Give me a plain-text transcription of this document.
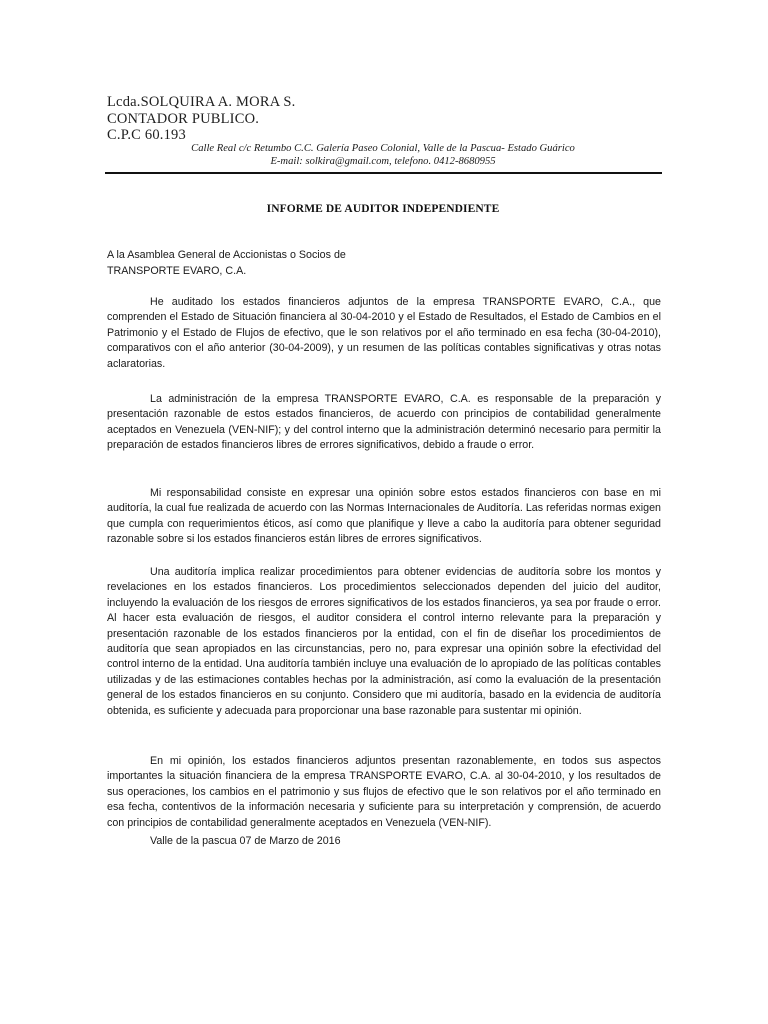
Lcda.SOLQUIRA A. MORA S.
CONTADOR PUBLICO.
C.P.C 60.193
Calle Real c/c Retumbo C.C. Galería Paseo Colonial, Valle de la Pascua- Estado Guárico
E-mail: solkira@gmail.com, telefono. 0412-8680955
INFORME DE AUDITOR INDEPENDIENTE
A la Asamblea General de Accionistas o Socios de
TRANSPORTE EVARO, C.A.
He auditado los estados financieros adjuntos de la empresa TRANSPORTE EVARO, C.A., que comprenden el Estado de Situación financiera al 30-04-2010 y el Estado de Resultados, el Estado de Cambios en el Patrimonio y el Estado de Flujos de efectivo, que le son relativos por el año terminado en esa fecha (30-04-2010), comparativos con el año anterior (30-04-2009), y un resumen de las políticas contables significativas y otras notas aclaratorias.
La administración de la empresa TRANSPORTE EVARO, C.A. es responsable de la preparación y presentación razonable de estos estados financieros, de acuerdo con principios de contabilidad generalmente aceptados en Venezuela (VEN-NIF); y del control interno que la administración determinó necesario para permitir la preparación de estados financieros libres de errores significativos, debido a fraude o error.
Mi responsabilidad consiste en expresar una opinión sobre estos estados financieros con base en mi auditoría, la cual fue realizada de acuerdo con las Normas Internacionales de Auditoría. Las referidas normas exigen que cumpla con requerimientos éticos, así como que planifique y lleve a cabo la auditoría para obtener seguridad razonable sobre si los estados financieros están libres de errores significativos.
Una auditoría implica realizar procedimientos para obtener evidencias de auditoría sobre los montos y revelaciones en los estados financieros. Los procedimientos seleccionados dependen del juicio del auditor, incluyendo la evaluación de los riesgos de errores significativos de los estados financieros, ya sea por fraude o error. Al hacer esta evaluación de riesgos, el auditor considera el control interno relevante para la preparación y presentación razonable de los estados financieros por la entidad, con el fin de diseñar los procedimientos de auditoría que sean apropiados en las circunstancias, pero no, para expresar una opinión sobre la efectividad del control interno de la entidad. Una auditoría también incluye una evaluación de lo apropiado de las políticas contables utilizadas y de las estimaciones contables hechas por la administración, así como la evaluación de la presentación general de los estados financieros en su conjunto. Considero que mi auditoría, basado en la evidencia de auditoría obtenida, es suficiente y adecuada para proporcionar una base razonable para sustentar mi opinión.
En mi opinión, los estados financieros adjuntos presentan razonablemente, en todos sus aspectos importantes la situación financiera de la empresa TRANSPORTE EVARO, C.A. al 30-04-2010, y los resultados de sus operaciones, los cambios en el patrimonio y sus flujos de efectivo que le son relativos por el año terminado en esa fecha, contentivos de la información necesaria y suficiente para su interpretación y comprensión, de acuerdo con principios de contabilidad generalmente aceptados en Venezuela (VEN-NIF).
Valle de la pascua 07 de Marzo de 2016
